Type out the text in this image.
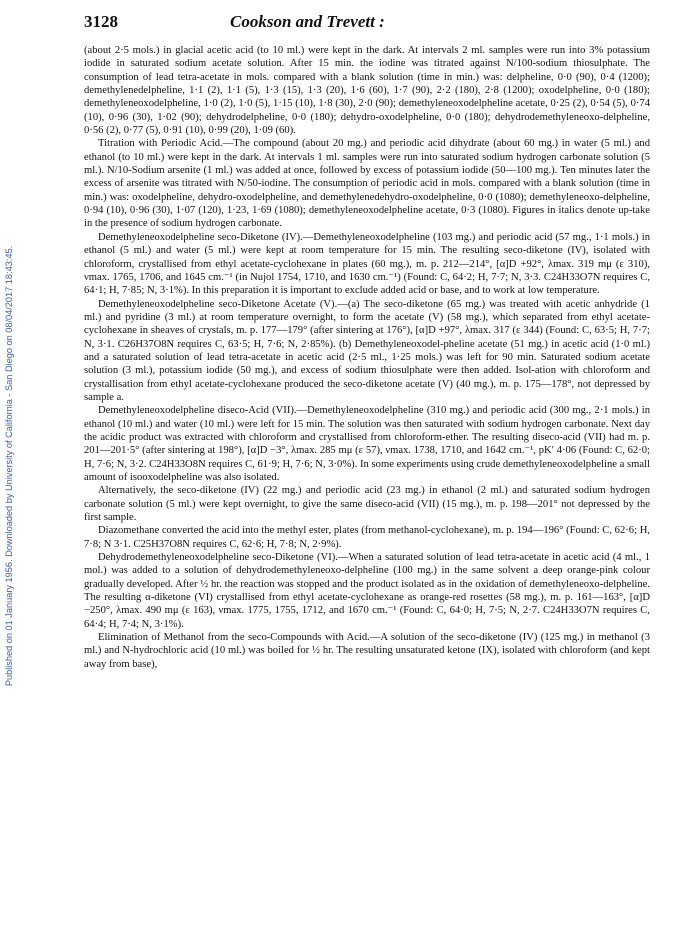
3128	Cookson and Trevett :
Published on 01 January 1956. Downloaded by University of California - San Diego on 08/04/2017 18:43:45.

(about 2·5 mols.) in glacial acetic acid (to 10 ml.) were kept in the dark. At intervals 2 ml. samples were run into 3% potassium iodide in saturated sodium acetate solution. After 15 min. the iodine was titrated against N/100-sodium thiosulphate. The consumption of lead tetra-acetate in mols. compared with a blank solution (time in min.) was: delpheline, 0·0 (90), 0·4 (1200); demethylenedelpheline, 1·1 (2), 1·1 (5), 1·3 (15), 1·3 (20), 1·6 (60), 1·7 (90), 2·2 (180), 2·8 (1200); oxodelpheline, 0·0 (180); demethyleneoxodelpheline, 1·0 (2), 1·0 (5), 1·15 (10), 1·8 (30), 2·0 (90); demethyleneoxodelpheline acetate, 0·25 (2), 0·54 (5), 0·74 (10), 0·96 (30), 1·02 (90); dehydrodelpheline, 0·0 (180); dehydro-oxodelpheline, 0·0 (180); dehydrodemethyleneoxo-delpheline, 0·56 (2), 0·77 (5), 0·91 (10), 0·99 (20), 1·09 (60).

Titration with Periodic Acid.—The compound (about 20 mg.) and periodic acid dihydrate (about 60 mg.) in water (5 ml.) and ethanol (to 10 ml.) were kept in the dark. At intervals 1 ml. samples were run into saturated sodium hydrogen carbonate solution (5 ml.). N/10-Sodium arsenite (1 ml.) was added at once, followed by excess of potassium iodide (50—100 mg.). Ten minutes later the excess of arsenite was titrated with N/50-iodine. The consumption of periodic acid in mols. compared with a blank solution (time in min.) was: oxodelpheline, dehydro-oxodelpheline, and demethylenedehydro-oxodelpheline, 0·0 (1080); demethyleneoxo-delpheline, 0·94 (10), 0·96 (30), 1·07 (120), 1·23, 1·69 (1080); demethyleneoxodelpheline acetate, 0·3 (1080). Figures in italics denote up-take in the presence of sodium hydrogen carbonate.

Demethyleneoxodelpheline seco-Diketone (IV).—Demethyleneoxodelpheline (103 mg.) and periodic acid (57 mg., 1·1 mols.) in ethanol (5 ml.) and water (5 ml.) were kept at room temperature for 15 min. The resulting seco-diketone (IV), isolated with chloroform, crystallised from ethyl acetate-cyclohexane in plates (60 mg.), m. p. 212—214°, [α]D +92°, λmax. 319 mμ (ε 310), νmax. 1765, 1706, and 1645 cm.⁻¹ (in Nujol 1754, 1710, and 1630 cm.⁻¹) (Found: C, 64·2; H, 7·7; N, 3·3. C24H33O7N requires C, 64·1; H, 7·85; N, 3·1%). In this preparation it is important to exclude added acid or base, and to work at low temperature.

Demethyleneoxodelpheline seco-Diketone Acetate (V).—(a) The seco-diketone (65 mg.) was treated with acetic anhydride (1 ml.) and pyridine (3 ml.) at room temperature overnight, to form the acetate (V) (58 mg.), which separated from ethyl acetate-cyclohexane in sheaves of crystals, m. p. 177—179° (after sintering at 176°), [α]D +97°, λmax. 317 (ε 344) (Found: C, 63·5; H, 7·7; N, 3·1. C26H37O8N requires C, 63·5; H, 7·6; N, 2·85%). (b) Demethyleneoxodel-pheline acetate (51 mg.) in acetic acid (1·0 ml.) and a saturated solution of lead tetra-acetate in acetic acid (2·5 ml., 1·25 mols.) was left for 90 min. Saturated sodium acetate solution (3 ml.), potassium iodide (50 mg.), and excess of sodium thiosulphate were then added. Isol-ation with chloroform and crystallisation from ethyl acetate-cyclohexane produced the seco-diketone acetate (V) (40 mg.), m. p. 175—178°, not depressed by sample a.

Demethyleneoxodelpheline diseco-Acid (VII).—Demethyleneoxodelpheline (310 mg.) and periodic acid (300 mg., 2·1 mols.) in ethanol (10 ml.) and water (10 ml.) were left for 15 min. The solution was then saturated with sodium hydrogen carbonate. Next day the acidic product was extracted with chloroform and crystallised from chloroform-ether. The resulting diseco-acid (VII) had m. p. 201—201·5° (after sintering at 198°), [α]D −3°, λmax. 285 mμ (ε 57), νmax. 1738, 1710, and 1642 cm.⁻¹, pK′ 4·06 (Found: C, 62·0; H, 7·6; N, 3·2. C24H33O8N requires C, 61·9; H, 7·6; N, 3·0%). In some experiments using crude demethyleneoxodelpheline a small amount of isooxodelpheline was also isolated.

Alternatively, the seco-diketone (IV) (22 mg.) and periodic acid (23 mg.) in ethanol (2 ml.) and saturated sodium hydrogen carbonate solution (5 ml.) were kept overnight, to give the same diseco-acid (VII) (15 mg.), m. p. 198—201° not depressed by the first sample.

Diazomethane converted the acid into the methyl ester, plates (from methanol-cyclohexane), m. p. 194—196° (Found: C, 62·6; H, 7·8; N 3·1. C25H37O8N requires C, 62·6; H, 7·8; N, 2·9%).

Dehydrodemethyleneoxodelpheline seco-Diketone (VI).—When a saturated solution of lead tetra-acetate in acetic acid (4 ml., 1 mol.) was added to a solution of dehydrodemethyleneoxo-delpheline (100 mg.) in the same solvent a deep orange-pink colour gradually developed. After ½ hr. the reaction was stopped and the product isolated as in the oxidation of demethyleneoxo-delpheline. The resulting α-diketone (VI) crystallised from ethyl acetate-cyclohexane as orange-red rosettes (58 mg.), m. p. 161—163°, [α]D −250°, λmax. 490 mμ (ε 163), νmax. 1775, 1755, 1712, and 1670 cm.⁻¹ (Found: C, 64·0; H, 7·5; N, 2·7. C24H33O7N requires C, 64·4; H, 7·4; N, 3·1%).

Elimination of Methanol from the seco-Compounds with Acid.—A solution of the seco-diketone (IV) (125 mg.) in methanol (3 ml.) and N-hydrochloric acid (10 ml.) was boiled for ½ hr. The resulting unsaturated ketone (IX), isolated with chloroform (and kept away from base),
